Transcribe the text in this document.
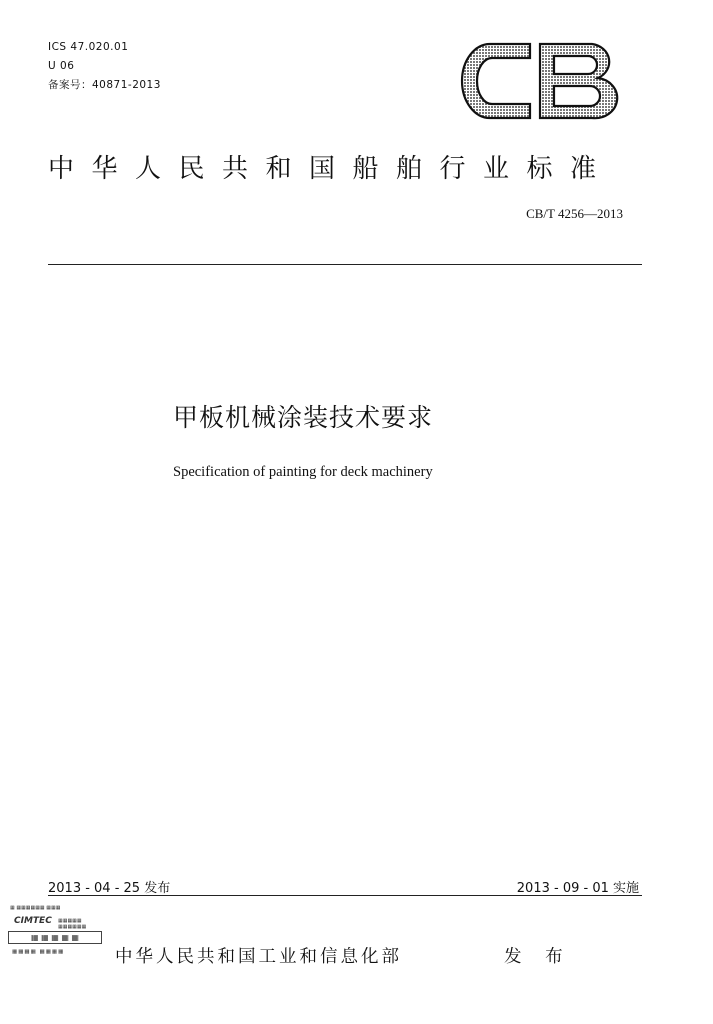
ICS 47.020.01
U 06
备案号：40871-2013
中华人民共和国船舶行业标准
CB/T 4256—2013
甲板机械涂装技术要求
Specification of painting for deck machinery
2013 - 04 - 25 发布	2013 - 09 - 01 实施
▦ ▦▦▦▦▦▦ ▦▦▦
CIMTEC ▦▦▦▦▦
▦▦▦▦▦▦
▦ ▦ ▦ ▦ ▦
▦▦▦▦ ▦▦▦▦	中华人民共和国工业和信息化部	发 布
